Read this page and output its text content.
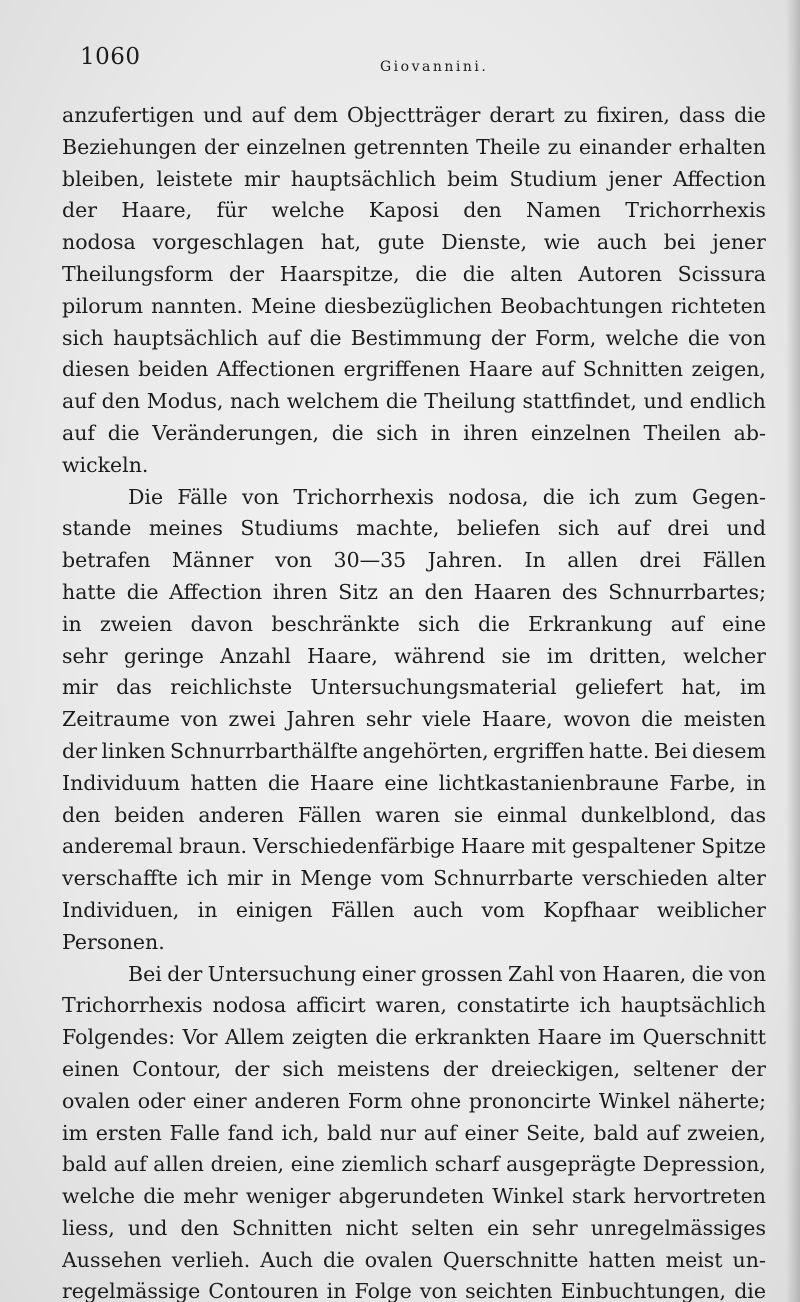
1060	Giovannini.
anzufertigen und auf dem Objectträger derart zu fixiren, dass die
Beziehungen der einzelnen getrennten Theile zu einander erhalten
bleiben, leistete mir hauptsächlich beim Studium jener Affection
der Haare, für welche Kaposi den Namen Trichorrhexis
nodosa vorgeschlagen hat, gute Dienste, wie auch bei jener
Theilungsform der Haarspitze, die die alten Autoren Scissura
pilorum nannten. Meine diesbezüglichen Beobachtungen richteten
sich hauptsächlich auf die Bestimmung der Form, welche die von
diesen beiden Affectionen ergriffenen Haare auf Schnitten zeigen,
auf den Modus, nach welchem die Theilung stattfindet, und endlich
auf die Veränderungen, die sich in ihren einzelnen Theilen ab-
wickeln.
Die Fälle von Trichorrhexis nodosa, die ich zum Gegen-
stande meines Studiums machte, beliefen sich auf drei und
betrafen Männer von 30—35 Jahren. In allen drei Fällen
hatte die Affection ihren Sitz an den Haaren des Schnurrbartes;
in zweien davon beschränkte sich die Erkrankung auf eine
sehr geringe Anzahl Haare, während sie im dritten, welcher
mir das reichlichste Untersuchungsmaterial geliefert hat, im
Zeitraume von zwei Jahren sehr viele Haare, wovon die meisten
der linken Schnurrbarthälfte angehörten, ergriffen hatte. Bei diesem
Individuum hatten die Haare eine lichtkastanienbraune Farbe, in
den beiden anderen Fällen waren sie einmal dunkelblond, das
anderemal braun. Verschiedenfärbige Haare mit gespaltener Spitze
verschaffte ich mir in Menge vom Schnurrbarte verschieden alter
Individuen, in einigen Fällen auch vom Kopfhaar weiblicher
Personen.
Bei der Untersuchung einer grossen Zahl von Haaren, die von
Trichorrhexis nodosa afficirt waren, constatirte ich hauptsächlich
Folgendes: Vor Allem zeigten die erkrankten Haare im Querschnitt
einen Contour, der sich meistens der dreieckigen, seltener der
ovalen oder einer anderen Form ohne prononcirte Winkel näherte;
im ersten Falle fand ich, bald nur auf einer Seite, bald auf zweien,
bald auf allen dreien, eine ziemlich scharf ausgeprägte Depression,
welche die mehr weniger abgerundeten Winkel stark hervortreten
liess, und den Schnitten nicht selten ein sehr unregelmässiges
Aussehen verlieh. Auch die ovalen Querschnitte hatten meist un-
regelmässige Contouren in Folge von seichten Einbuchtungen, die
